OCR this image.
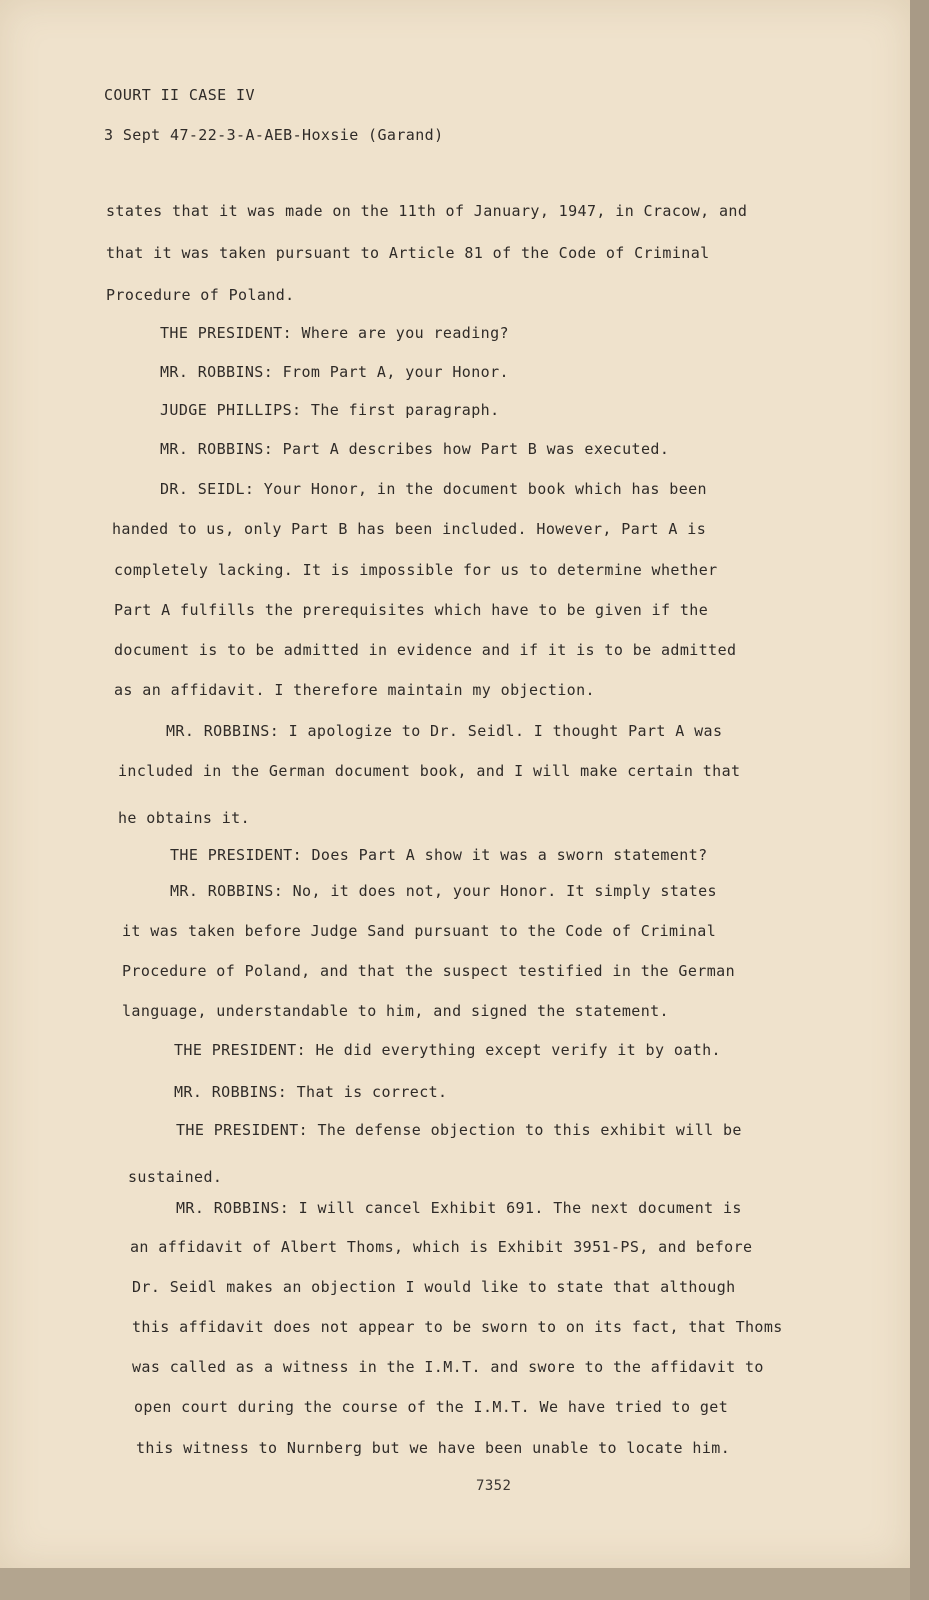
COURT II CASE IV
3 Sept 47-22-3-A-AEB-Hoxsie (Garand)
states that it was made on the 11th of January, 1947, in Cracow, and
that it was taken pursuant to Article 81 of the Code of Criminal
Procedure of Poland.
THE PRESIDENT: Where are you reading?
MR. ROBBINS: From Part A, your Honor.
JUDGE PHILLIPS: The first paragraph.
MR. ROBBINS: Part A describes how Part B was executed.
DR. SEIDL: Your Honor, in the document book which has been
handed to us, only Part B has been included. However, Part A is
completely lacking. It is impossible for us to determine whether
Part A fulfills the prerequisites which have to be given if the
document is to be admitted in evidence and if it is to be admitted
as an affidavit. I therefore maintain my objection.
MR. ROBBINS: I apologize to Dr. Seidl. I thought Part A was
included in the German document book, and I will make certain that
he obtains it.
THE PRESIDENT: Does Part A show it was a sworn statement?
MR. ROBBINS: No, it does not, your Honor. It simply states
it was taken before Judge Sand pursuant to the Code of Criminal
Procedure of Poland, and that the suspect testified in the German
language, understandable to him, and signed the statement.
THE PRESIDENT: He did everything except verify it by oath.
MR. ROBBINS: That is correct.
THE PRESIDENT: The defense objection to this exhibit will be
sustained.
MR. ROBBINS: I will cancel Exhibit 691. The next document is
an affidavit of Albert Thoms, which is Exhibit 3951-PS, and before
Dr. Seidl makes an objection I would like to state that although
this affidavit does not appear to be sworn to on its fact, that Thoms
was called as a witness in the I.M.T. and swore to the affidavit to
open court during the course of the I.M.T. We have tried to get
this witness to Nurnberg but we have been unable to locate him.
7352
